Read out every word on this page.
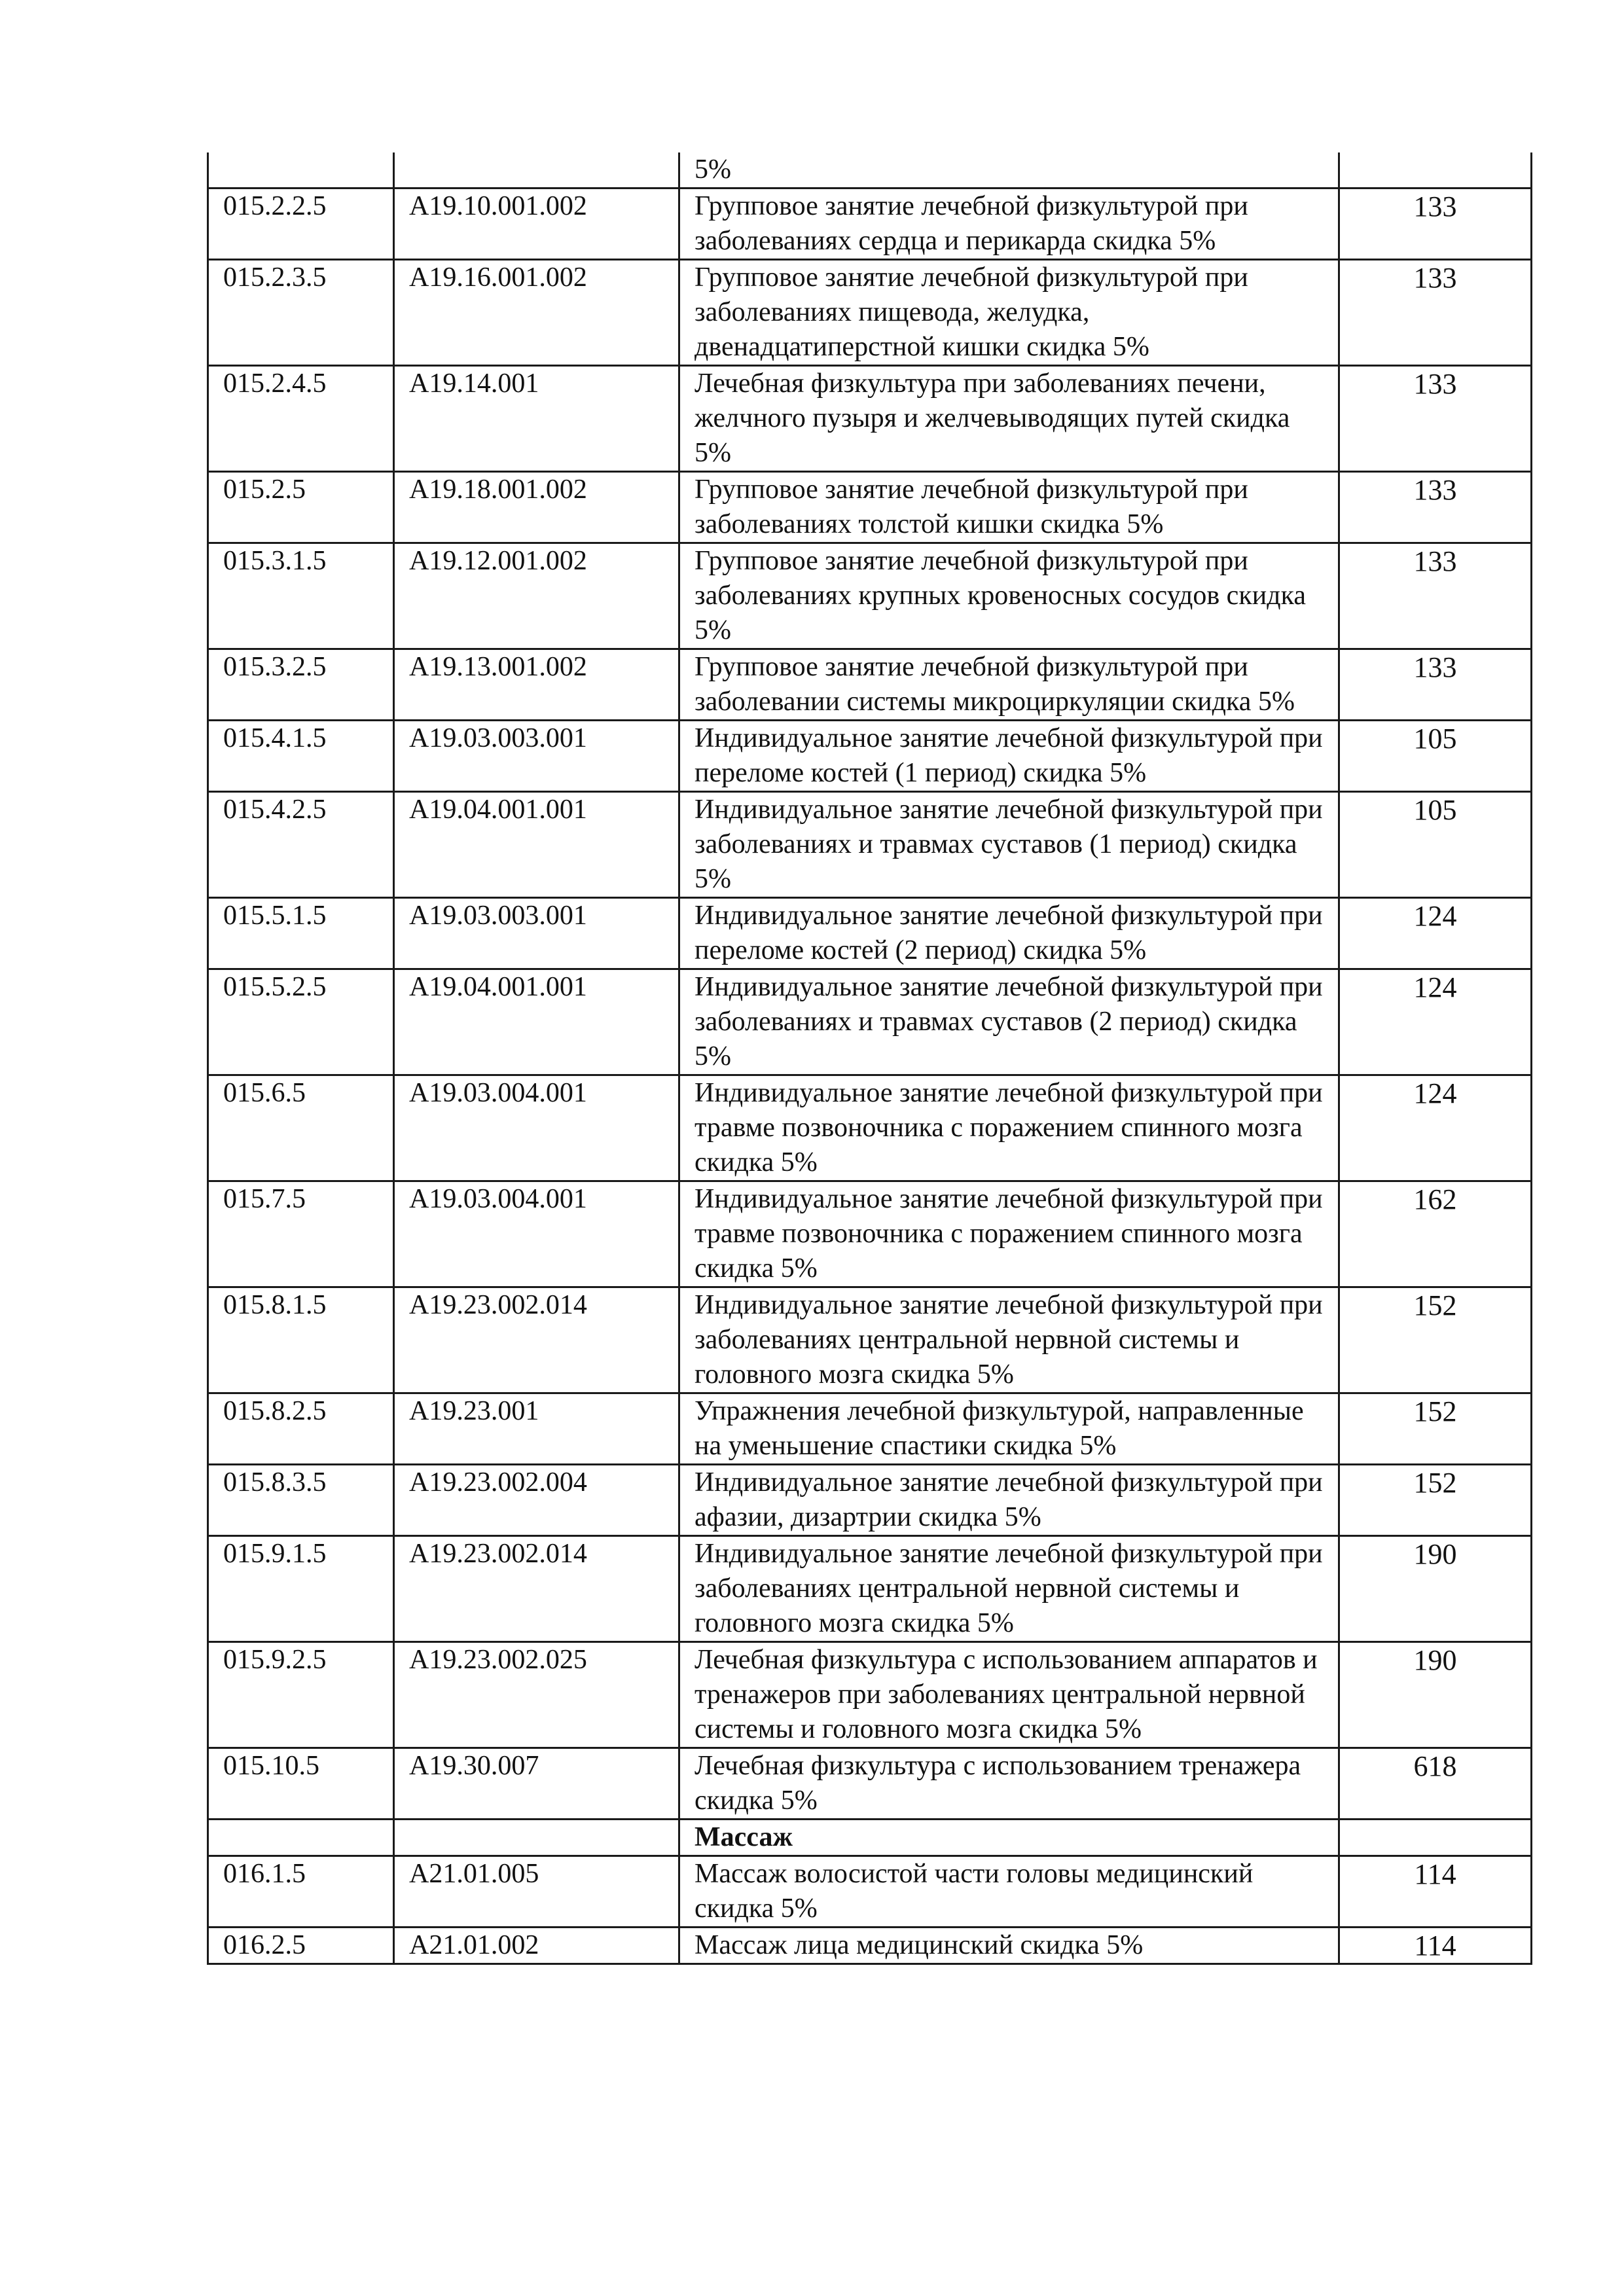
		5%	
015.2.2.5	А19.10.001.002	Групповое занятие лечебной физкультурой при заболеваниях сердца и перикарда скидка 5%	133
015.2.3.5	А19.16.001.002	Групповое занятие лечебной физкультурой при заболеваниях пищевода, желудка, двенадцатиперстной кишки скидка 5%	133
015.2.4.5	А19.14.001	Лечебная физкультура при заболеваниях печени, желчного пузыря и желчевыводящих путей скидка 5%	133
015.2.5	А19.18.001.002	Групповое занятие лечебной физкультурой при заболеваниях толстой кишки скидка 5%	133
015.3.1.5	А19.12.001.002	Групповое занятие лечебной физкультурой при заболеваниях крупных кровеносных сосудов скидка 5%	133
015.3.2.5	А19.13.001.002	Групповое занятие лечебной физкультурой при заболевании системы микроциркуляции скидка 5%	133
015.4.1.5	А19.03.003.001	Индивидуальное занятие лечебной физкультурой при переломе костей (1 период) скидка 5%	105
015.4.2.5	А19.04.001.001	Индивидуальное занятие лечебной физкультурой при заболеваниях и травмах суставов (1 период) скидка 5%	105
015.5.1.5	А19.03.003.001	Индивидуальное занятие лечебной физкультурой при переломе костей (2 период) скидка 5%	124
015.5.2.5	А19.04.001.001	Индивидуальное занятие лечебной физкультурой при заболеваниях и травмах суставов (2 период) скидка 5%	124
015.6.5	А19.03.004.001	Индивидуальное занятие лечебной физкультурой при травме позвоночника с поражением спинного мозга скидка 5%	124
015.7.5	А19.03.004.001	Индивидуальное занятие лечебной физкультурой при травме позвоночника с поражением спинного мозга скидка 5%	162
015.8.1.5	А19.23.002.014	Индивидуальное занятие лечебной физкультурой при заболеваниях центральной нервной системы и головного мозга скидка 5%	152
015.8.2.5	А19.23.001	Упражнения лечебной физкультурой, направленные на уменьшение спастики скидка 5%	152
015.8.3.5	А19.23.002.004	Индивидуальное занятие лечебной физкультурой при афазии, дизартрии скидка 5%	152
015.9.1.5	А19.23.002.014	Индивидуальное занятие лечебной физкультурой при заболеваниях центральной нервной системы и головного мозга скидка 5%	190
015.9.2.5	А19.23.002.025	Лечебная физкультура с использованием аппаратов и тренажеров при заболеваниях центральной нервной системы и головного мозга скидка 5%	190
015.10.5	А19.30.007	Лечебная физкультура с использованием тренажера скидка 5%	618
		Массаж	
016.1.5	А21.01.005	Массаж волосистой части головы медицинский скидка 5%	114
016.2.5	А21.01.002	Массаж лица медицинский скидка 5%	114
